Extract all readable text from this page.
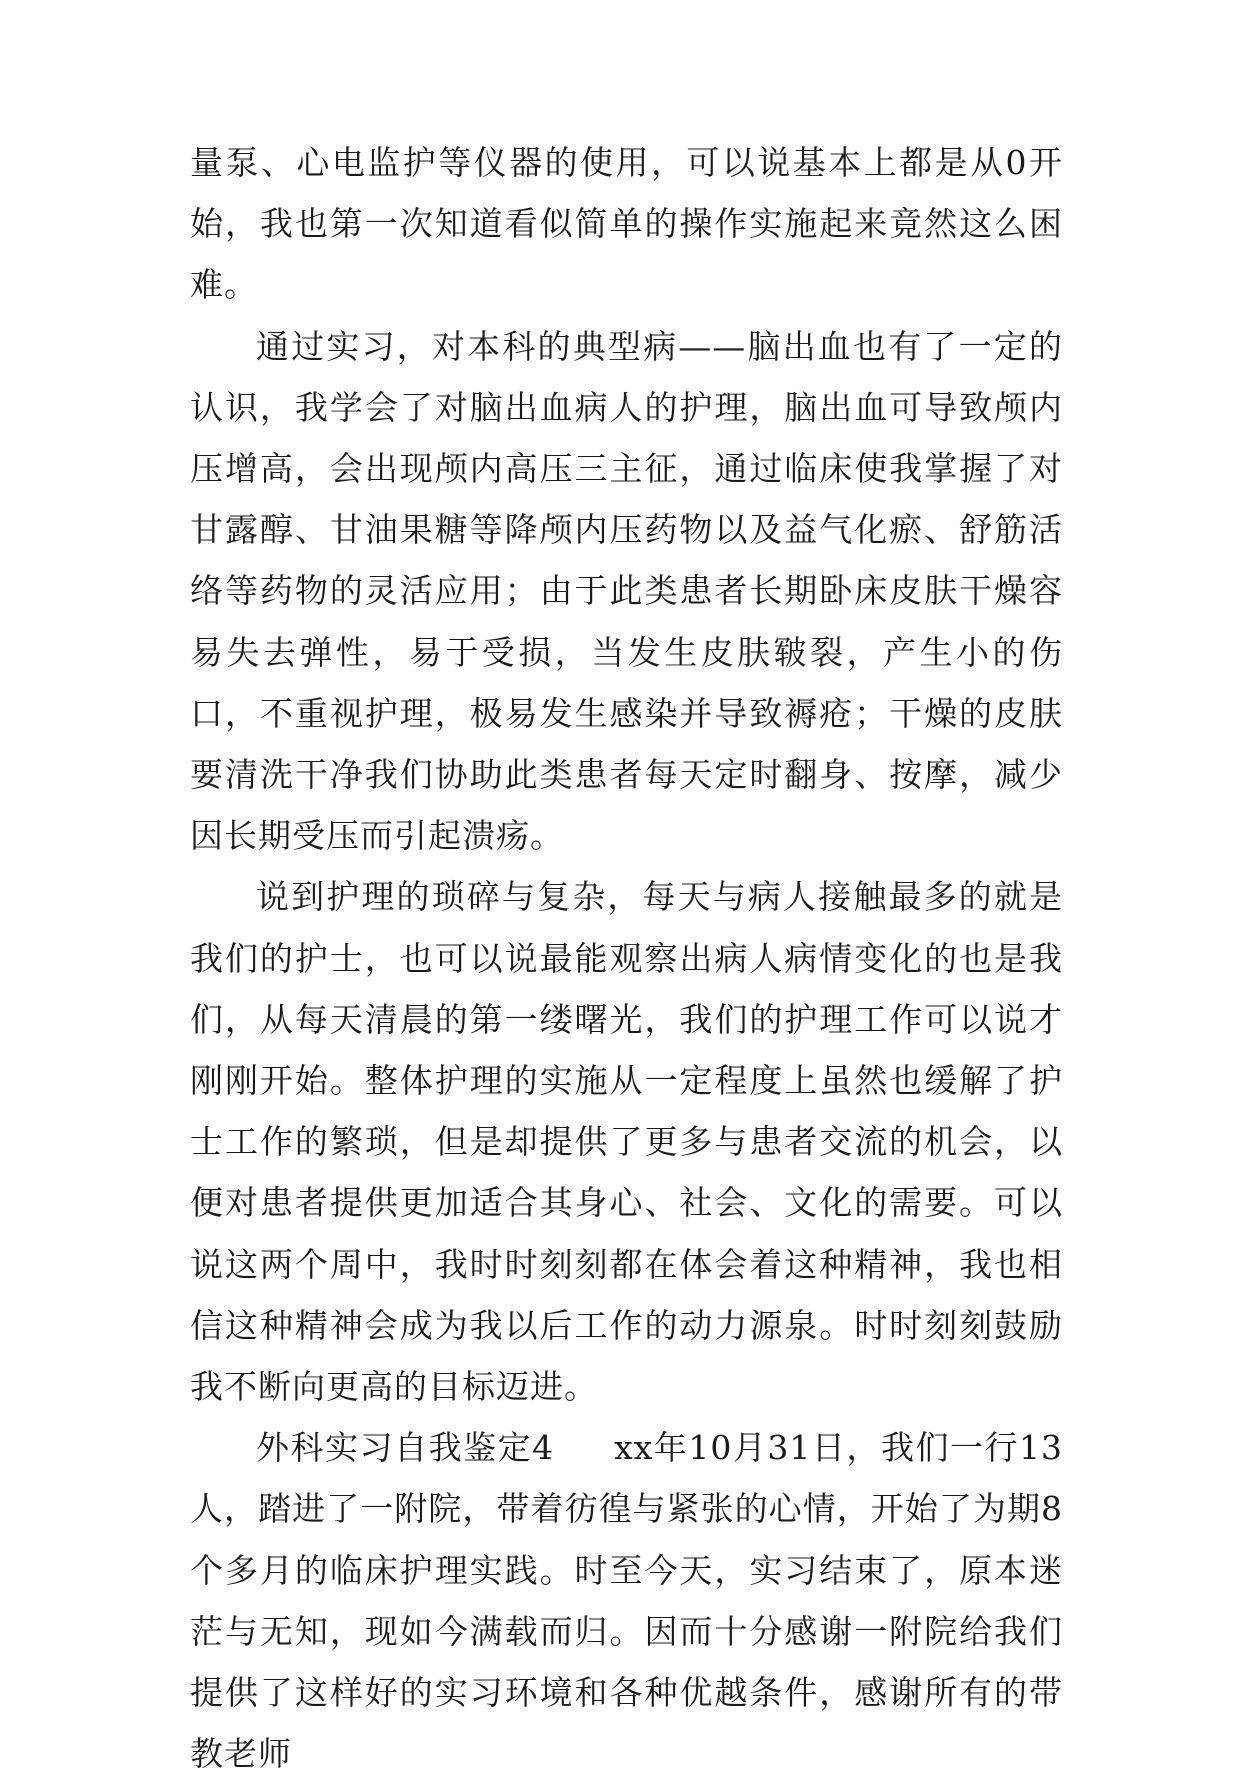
量泵、心电监护等仪器的使用，可以说基本上都是从0开始，我也第一次知道看似简单的操作实施起来竟然这么困难。

通过实习，对本科的典型病——脑出血也有了一定的认识，我学会了对脑出血病人的护理，脑出血可导致颅内压增高，会出现颅内高压三主征，通过临床使我掌握了对甘露醇、甘油果糖等降颅内压药物以及益气化瘀、舒筋活络等药物的灵活应用；由于此类患者长期卧床皮肤干燥容易失去弹性，易于受损，当发生皮肤皲裂，产生小的伤口，不重视护理，极易发生感染并导致褥疮；干燥的皮肤要清洗干净我们协助此类患者每天定时翻身、按摩，减少因长期受压而引起溃疡。

说到护理的琐碎与复杂，每天与病人接触最多的就是我们的护士，也可以说最能观察出病人病情变化的也是我们，从每天清晨的第一缕曙光，我们的护理工作可以说才刚刚开始。整体护理的实施从一定程度上虽然也缓解了护士工作的繁琐，但是却提供了更多与患者交流的机会，以便对患者提供更加适合其身心、社会、文化的需要。可以说这两个周中，我时时刻刻都在体会着这种精神，我也相信这种精神会成为我以后工作的动力源泉。时时刻刻鼓励我不断向更高的目标迈进。

外科实习自我鉴定4 xx年10月31日，我们一行13人，踏进了一附院，带着彷徨与紧张的心情，开始了为期8个多月的临床护理实践。时至今天，实习结束了，原本迷茫与无知，现如今满载而归。因而十分感谢一附院给我们提供了这样好的实习环境和各种优越条件，感谢所有的带教老师
